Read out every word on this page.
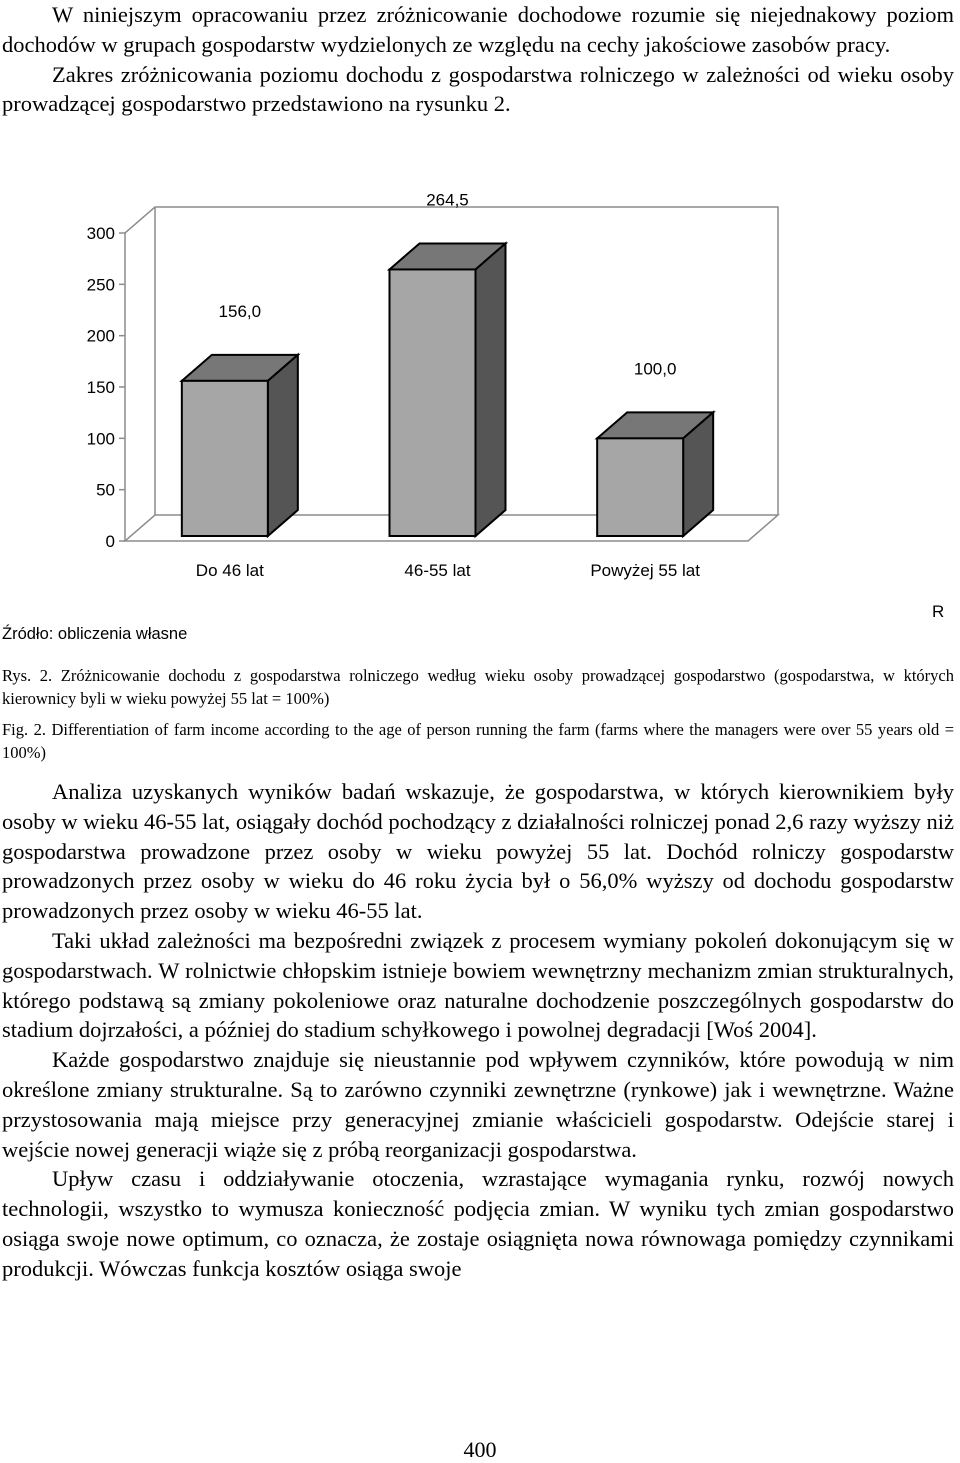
W niniejszym opracowaniu przez zróżnicowanie dochodowe rozumie się niejednakowy poziom dochodów w grupach gospodarstw wydzielonych ze względu na cechy jakościowe zasobów pracy.

Zakres zróżnicowania poziomu dochodu z gospodarstwa rolniczego w zależności od wieku osoby prowadzącej gospodarstwo przedstawiono na rysunku 2.

0
50
100
150
200
250
300
156,0
264,5
100,0
Do 46 lat	46-55 lat	Powyżej 55 lat

Źródło: obliczenia własne

R

Rys. 2. Zróżnicowanie dochodu z gospodarstwa rolniczego według wieku osoby prowadzącej gospodarstwo (gospodarstwa, w których kierownicy byli w wieku powyżej 55 lat = 100%)

Fig. 2. Differentiation of farm income according to the age of person running the farm (farms where the managers were over 55 years old = 100%)

Analiza uzyskanych wyników badań wskazuje, że gospodarstwa, w których kierownikiem były osoby w wieku 46-55 lat, osiągały dochód pochodzący z działalności rolniczej ponad 2,6 razy wyższy niż gospodarstwa prowadzone przez osoby w wieku powyżej 55 lat. Dochód rolniczy gospodarstw prowadzonych przez osoby w wieku do 46 roku życia był o 56,0% wyższy od dochodu gospodarstw prowadzonych przez osoby w wieku 46-55 lat.

Taki układ zależności ma bezpośredni związek z procesem wymiany pokoleń dokonującym się w gospodarstwach. W rolnictwie chłopskim istnieje bowiem wewnętrzny mechanizm zmian strukturalnych, którego podstawą są zmiany pokoleniowe oraz naturalne dochodzenie poszczególnych gospodarstw do stadium dojrzałości, a później do stadium schyłkowego i powolnej degradacji [Woś 2004].

Każde gospodarstwo znajduje się nieustannie pod wpływem czynników, które powodują w nim określone zmiany strukturalne. Są to zarówno czynniki zewnętrzne (rynkowe) jak i wewnętrzne. Ważne przystosowania mają miejsce przy generacyjnej zmianie właścicieli gospodarstw. Odejście starej i wejście nowej generacji wiąże się z próbą reorganizacji gospodarstwa.

Upływ czasu i oddziaływanie otoczenia, wzrastające wymagania rynku, rozwój nowych technologii, wszystko to wymusza konieczność podjęcia zmian. W wyniku tych zmian gospodarstwo osiąga swoje nowe optimum, co oznacza, że zostaje osiągnięta nowa równowaga pomiędzy czynnikami produkcji. Wówczas funkcja kosztów osiąga swoje

400
